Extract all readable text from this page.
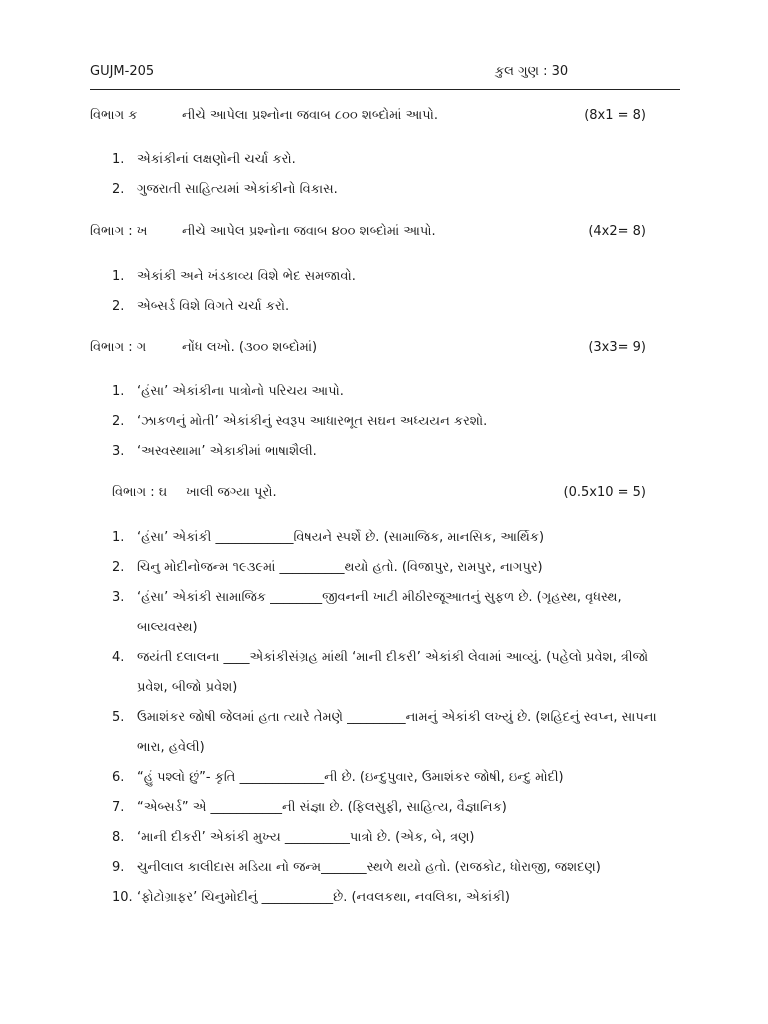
GUJM-205	કુલ ગુણ : 30
વિભાગ ક	નીચે આપેલા પ્રશ્નોના જવાબ ૮૦૦ શબ્દોમાં આપો.	(8x1 = 8)
1. એકાંકીનાં લક્ષણોની ચર્ચા કરો.
2. ગુજરાતી સાહિત્યમાં એકાંકીનો વિકાસ.
વિભાગ : ખ	નીચે આપેલ પ્રશ્નોના જવાબ ૪૦૦ શબ્દોમાં આપો.	(4x2= 8)
1. એકાંકી અને ખંડકાવ્ય વિશે ભેદ સમજાવો.
2. એબ્સર્ડ વિશે વિગતે ચર્ચા કરો.
વિભાગ : ગ	નોંધ લખો. (૩૦૦ શબ્દોમાં)	(3x3= 9)
1. ‘હંસા’ એકાંકીના પાત્રોનો પરિચય આપો.
2. ‘ઝાકળનું મોતી’ એકાંકીનું સ્વરૂપ આધારભૂત સઘન અધ્યયન કરશો.
3. ‘અસ્વસ્થામા’ એકાકીમાં ભાષાશૈલી.
વિભાગ : ઘ ખાલી જગ્યા પૂરો.	(0.5x10 = 5)
1. ‘હંસા’ એકાંકી ____________વિષયને સ્પર્શે છે. (સામાજિક, માનસિક, આર્થિક)
2. ચિનુ મોદીનોજન્મ ૧૯૩૯માં __________થયો હતો. (વિજાપુર, રામપુર, નાગપુર)
3. ‘હંસા’ એકાંકી સામાજિક ________જીવનની ખાટી મીઠીરજૂઆતનું સુફળ છે. (ગૃહસ્થ, વૃધસ્થ, બાલ્યવસ્થ)
4. જયંતી દલાલના ____એકાંકીસંગ્રહ માંથી ‘માની દીકરી’ એકાંકી લેવામાં આવ્યું. (પહેલો પ્રવેશ, ત્રીજો પ્રવેશ, બીજો પ્રવેશ)
5. ઉમાશંકર જોષી જેલમાં હતા ત્યારે તેમણે _________નામનું એકાંકી લખ્યું છે. (શહિદનું સ્વપ્ન, સાપના ભારા, હવેલી)
6. “હું પશ્લો છું”- કૃતિ _____________ની છે. (ઇન્દુપુવાર, ઉમાશંકર જોષી, ઇન્દુ મોદી)
7. “એબ્સર્ડ” એ ___________ની સંજ્ઞા છે. (ફિલસુફી, સાહિત્ય, વૈજ્ઞાનિક)
8. ‘માની દીકરી’ એકાંકી મુખ્ય __________પાત્રો છે. (એક, બે, ત્રણ)
9. ચુનીલાલ કાલીદાસ મડિયા નો જન્મ_______સ્થળે થયો હતો. (રાજકોટ, ધોરાજી, જશદણ)
10. ‘ફોટોગ્રાફર’ ચિનુમોદીનું ___________છે. (નવલકથા, નવલિકા, એકાંકી)
